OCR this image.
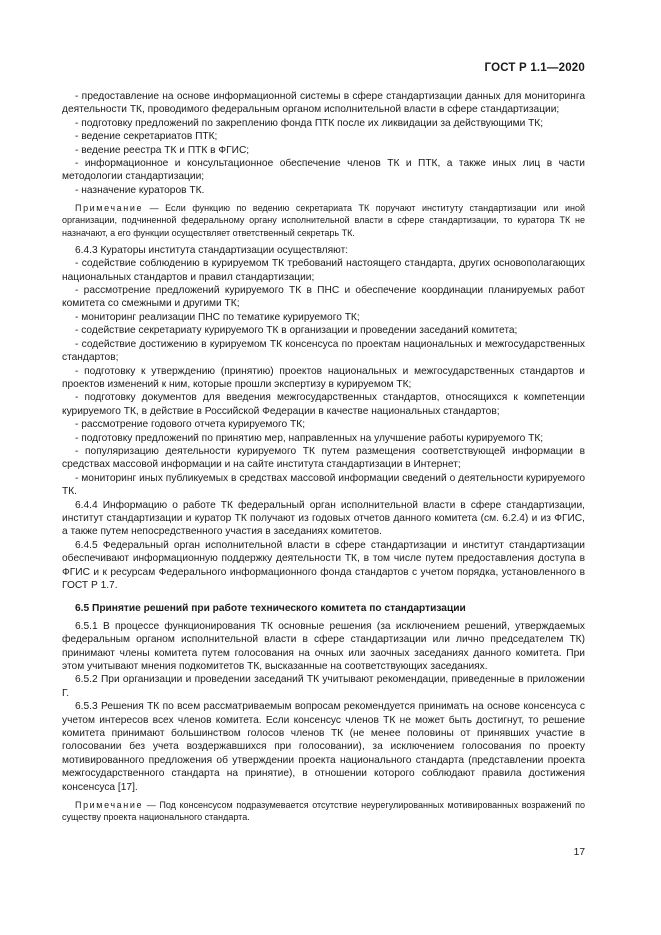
ГОСТ Р 1.1—2020

- предоставление на основе информационной системы в сфере стандартизации данных для мониторинга деятельности ТК, проводимого федеральным органом исполнительной власти в сфере стандартизации;

- подготовку предложений по закреплению фонда ПТК после их ликвидации за действующими ТК;

- ведение секретариатов ПТК;

- ведение реестра ТК и ПТК в ФГИС;

- информационное и консультационное обеспечение членов ТК и ПТК, а также иных лиц в части методологии стандартизации;

- назначение кураторов ТК.

Примечание — Если функцию по ведению секретариата ТК поручают институту стандартизации или иной организации, подчиненной федеральному органу исполнительной власти в сфере стандартизации, то куратора ТК не назначают, а его функции осуществляет ответственный секретарь ТК.

6.4.3 Кураторы института стандартизации осуществляют:

- содействие соблюдению в курируемом ТК требований настоящего стандарта, других основополагающих национальных стандартов и правил стандартизации;

- рассмотрение предложений курируемого ТК в ПНС и обеспечение координации планируемых работ комитета со смежными и другими ТК;

- мониторинг реализации ПНС по тематике курируемого ТК;

- содействие секретариату курируемого ТК в организации и проведении заседаний комитета;

- содействие достижению в курируемом ТК консенсуса по проектам национальных и межгосударственных стандартов;

- подготовку к утверждению (принятию) проектов национальных и межгосударственных стандартов и проектов изменений к ним, которые прошли экспертизу в курируемом ТК;

- подготовку документов для введения межгосударственных стандартов, относящихся к компетенции курируемого ТК, в действие в Российской Федерации в качестве национальных стандартов;

- рассмотрение годового отчета курируемого ТК;

- подготовку предложений по принятию мер, направленных на улучшение работы курируемого ТК;

- популяризацию деятельности курируемого ТК путем размещения соответствующей информации в средствах массовой информации и на сайте института стандартизации в Интернет;

- мониторинг иных публикуемых в средствах массовой информации сведений о деятельности курируемого ТК.

6.4.4 Информацию о работе ТК федеральный орган исполнительной власти в сфере стандартизации, институт стандартизации и куратор ТК получают из годовых отчетов данного комитета (см. 6.2.4) и из ФГИС, а также путем непосредственного участия в заседаниях комитетов.

6.4.5 Федеральный орган исполнительной власти в сфере стандартизации и институт стандартизации обеспечивают информационную поддержку деятельности ТК, в том числе путем предоставления доступа в ФГИС и к ресурсам Федерального информационного фонда стандартов с учетом порядка, установленного в ГОСТ Р 1.7.

6.5 Принятие решений при работе технического комитета по стандартизации

6.5.1 В процессе функционирования ТК основные решения (за исключением решений, утверждаемых федеральным органом исполнительной власти в сфере стандартизации или лично председателем ТК) принимают члены комитета путем голосования на очных или заочных заседаниях данного комитета. При этом учитывают мнения подкомитетов ТК, высказанные на соответствующих заседаниях.

6.5.2 При организации и проведении заседаний ТК учитывают рекомендации, приведенные в приложении Г.

6.5.3 Решения ТК по всем рассматриваемым вопросам рекомендуется принимать на основе консенсуса с учетом интересов всех членов комитета. Если консенсус членов ТК не может быть достигнут, то решение комитета принимают большинством голосов членов ТК (не менее половины от принявших участие в голосовании без учета воздержавшихся при голосовании), за исключением голосования по проекту мотивированного предложения об утверждении проекта национального стандарта (представлении проекта межгосударственного стандарта на принятие), в отношении которого соблюдают правила достижения консенсуса [17].

Примечание — Под консенсусом подразумевается отсутствие неурегулированных мотивированных возражений по существу проекта национального стандарта.

17
